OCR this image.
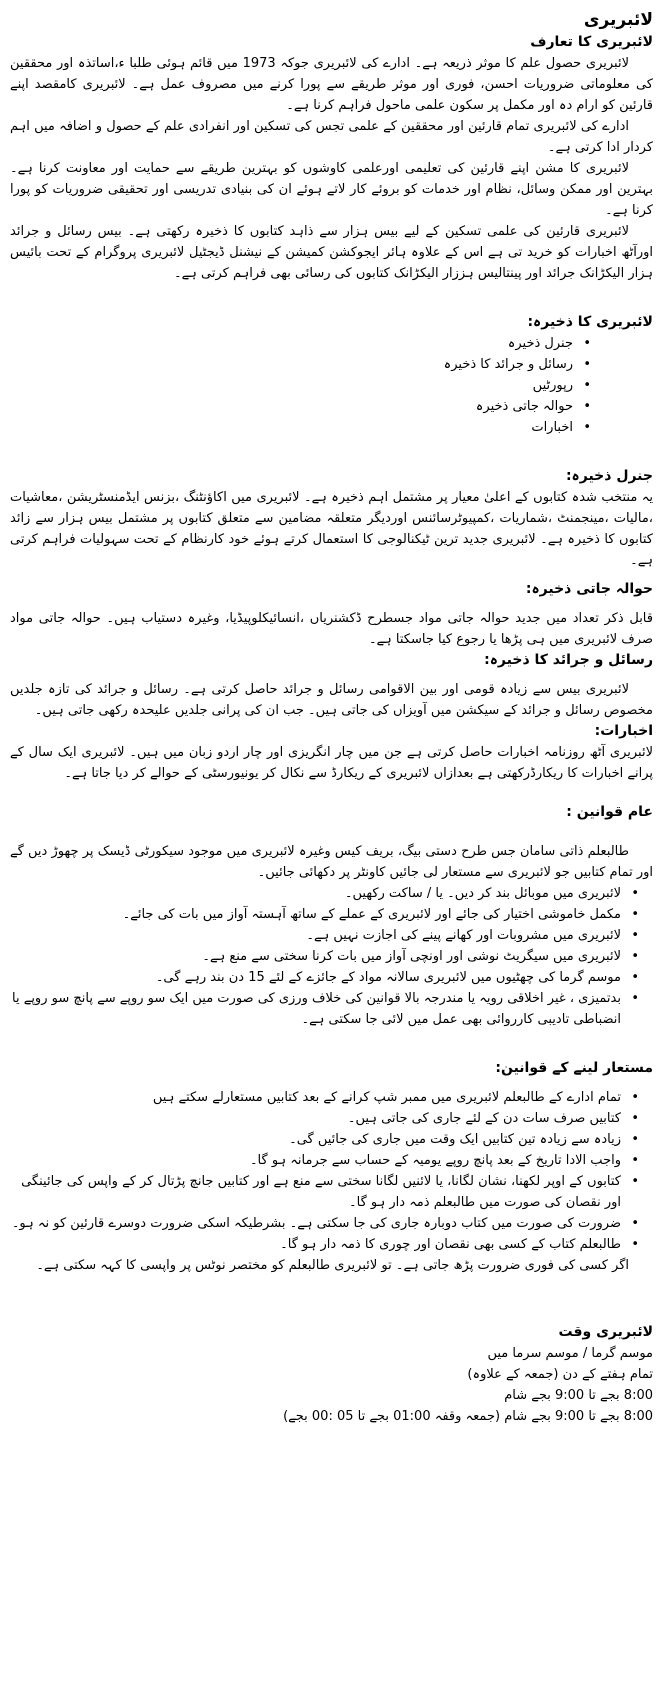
لائبریری
لائبریری کا تعارف

لائبریری حصول علم کا موثر ذریعہ ہے۔ ادارے کی لائبریری جوکہ 1973 میں قائم ہوئی طلبا ء،اساتذہ اور محققین کی معلوماتی ضروریات احسن، فوری اور موثر طریقے سے پورا کرنے میں مصروف عمل ہے۔ لائبریری کامقصد اپنے قارئین کو ارام دہ اور مکمل پر سکون علمی ماحول فراہم کرنا ہے۔

ادارے کی لائبریری تمام قارئین اور محققین کے علمی تجس کی تسکین اور انفرادی علم کے حصول و اضافہ میں اہم کردار ادا کرتی ہے۔

لائبریری کا مشن اپنے قارئین کی تعلیمی اورعلمی کاوشوں کو بہترین طریقے سے حمایت اور معاونت کرنا ہے۔ بہترین اور ممکن وسائل، نظام اور خدمات کو بروئے کار لاتے ہوئے ان کی بنیادی تدریسی اور تحقیقی ضروریات کو پورا کرنا ہے۔

لائبریری قارئین کی علمی تسکین کے لیے بیس ہزار سے ذاہد کتابوں کا ذخیرہ رکھتی ہے۔ بیس رسائل و جرائد اورآٹھ اخبارات کو خرید تی ہے اس کے علاوہ ہائر ایجوکشن کمیشن کے نیشنل ڈیجٹیل لائبریری پروگرام کے تحت بائیس ہزار الیکڑانک جرائد اور پینتالیس ہززار الیکڑانک کتابوں کی رسائی بھی فراہم کرتی ہے۔

لائبریری کا ذخیرہ:
• جنرل ذخیرہ
• رسائل و جرائد کا ذخیرہ
• رپورٹیں
• حوالہ جاتی ذخیرہ
• اخبارات
جنرل ذخیرہ:

یہ منتخب شدہ کتابوں کے اعلیٰ معیار پر مشتمل اہم ذخیرہ ہے۔ لائبریری میں اکاؤنٹنگ ،بزنس ایڈمنسٹریشن ،معاشیات ،مالیات ،مینجمنٹ ،شماریات ،کمپیوٹرسائنس اوردیگر متعلقہ مضامین سے متعلق کتابوں پر مشتمل بیس ہزار سے زائد کتابوں کا ذخیرہ ہے۔ لائبریری جدید ترین ٹیکنالوجی کا استعمال کرتے ہوئے خود کارنظام کے تحت سہولیات فراہم کرتی ہے۔

حوالہ جاتی ذخیرہ:

قابل ذکر تعداد میں جدید حوالہ جاتی مواد جسطرح ڈکشنریاں ،انسائیکلوپیڈیا، وغیرہ دستیاب ہیں۔ حوالہ جاتی مواد صرف لائبریری میں ہی پڑھا یا رجوع کیا جاسکتا ہے۔

رسائل و جرائد کا ذخیرہ:

لائبریری بیس سے زیادہ قومی اور بین الاقوامی رسائل و جرائد حاصل کرتی ہے۔ رسائل و جرائد کی تازہ جلدیں مخصوص رسائل و جرائد کے سیکشن میں آویزاں کی جاتی ہیں۔ جب ان کی پرانی جلدیں علیحدہ رکھی جاتی ہیں۔

اخبارات:

لائبریری آٹھ روزنامہ اخبارات حاصل کرتی ہے جن میں چار انگریزی اور چار اردو زبان میں ہیں۔ لائبریری ایک سال کے پرانے اخبارات کا ریکارڈرکھتی ہے بعدازاں لائبریری کے ریکارڈ سے نکال کر یونیورسٹی کے حوالے کر دیا جاتا ہے۔

عام قوانین :

طالبعلم ذاتی سامان جس طرح دستی بیگ، بریف کیس وغیرہ لائبریری میں موجود سیکورٹی ڈیسک پر چھوڑ دیں گے اور تمام کتابیں جو لائبریری سے مستعار لی جائیں کاونٹر پر دکھائی جائیں۔

• لائبریری میں موبائل بند کر دیں۔ یا / ساکت رکھیں۔
• مکمل خاموشی اختیار کی جائے اور لائبریری کے عملے کے ساتھ آہستہ آواز میں بات کی جائے۔
• لائبریری میں مشروبات اور کھانے پینے کی اجازت نہیں ہے۔
• لائبریری میں سیگریٹ نوشی اور اونچی آواز میں بات کرنا سختی سے منع ہے۔
• موسم گرما کی چھٹیوں میں لائبریری سالانہ مواد کے جائزے کے لئے 15 دن بند رہے گی۔
• بدتمیزی ، غیر اخلاقی رویہ یا مندرجہ بالا قوانین کی خلاف ورزی کی صورت میں ایک سو روپے سے پانچ سو روپے یا انضباطی تادیبی کارروائی بھی عمل میں لائی جا سکتی ہے۔
مستعار لینے کے قوانین:
• تمام ادارے کے طالبعلم لائبریری میں ممبر شپ کرانے کے بعد کتابیں مستعارلے سکتے ہیں
• کتابیں صرف سات دن کے لئے جاری کی جاتی ہیں۔
• زیادہ سے زیادہ تین کتابیں ایک وقت میں جاری کی جائیں گی۔
• واجب الادا تاریخ کے بعد پانچ روپے یومیہ کے حساب سے جرمانہ ہو گا۔
• کتابوں کے اوپر لکھنا، نشان لگانا، یا لائنیں لگانا سختی سے منع ہے اور کتابیں جانچ پڑتال کر کے واپس کی جائینگی اور نقصان کی صورت میں طالبعلم ذمہ دار ہو گا۔
• ضرورت کی صورت میں کتاب دوبارہ جاری کی جا سکتی ہے۔ بشرطیکہ اسکی ضرورت دوسرے قارئین کو نہ ہو۔
• طالبعلم کتاب کے کسی بھی نقصان اور چوری کا ذمہ دار ہو گا۔

اگر کسی کی فوری ضرورت پڑھ جاتی ہے۔ تو لائبریری طالبعلم کو مختصر نوٹس پر واپسی کا کہہ سکتی ہے۔

لائبریری وقت
موسم گرما / موسم سرما میں
تمام ہفتے کے دن (جمعہ کے علاوہ)
8:00 بجے تا 9:00 بجے شام
8:00 بجے تا 9:00 بجے شام (جمعہ وقفہ 01:00 بجے تا 05 :00 بجے)
